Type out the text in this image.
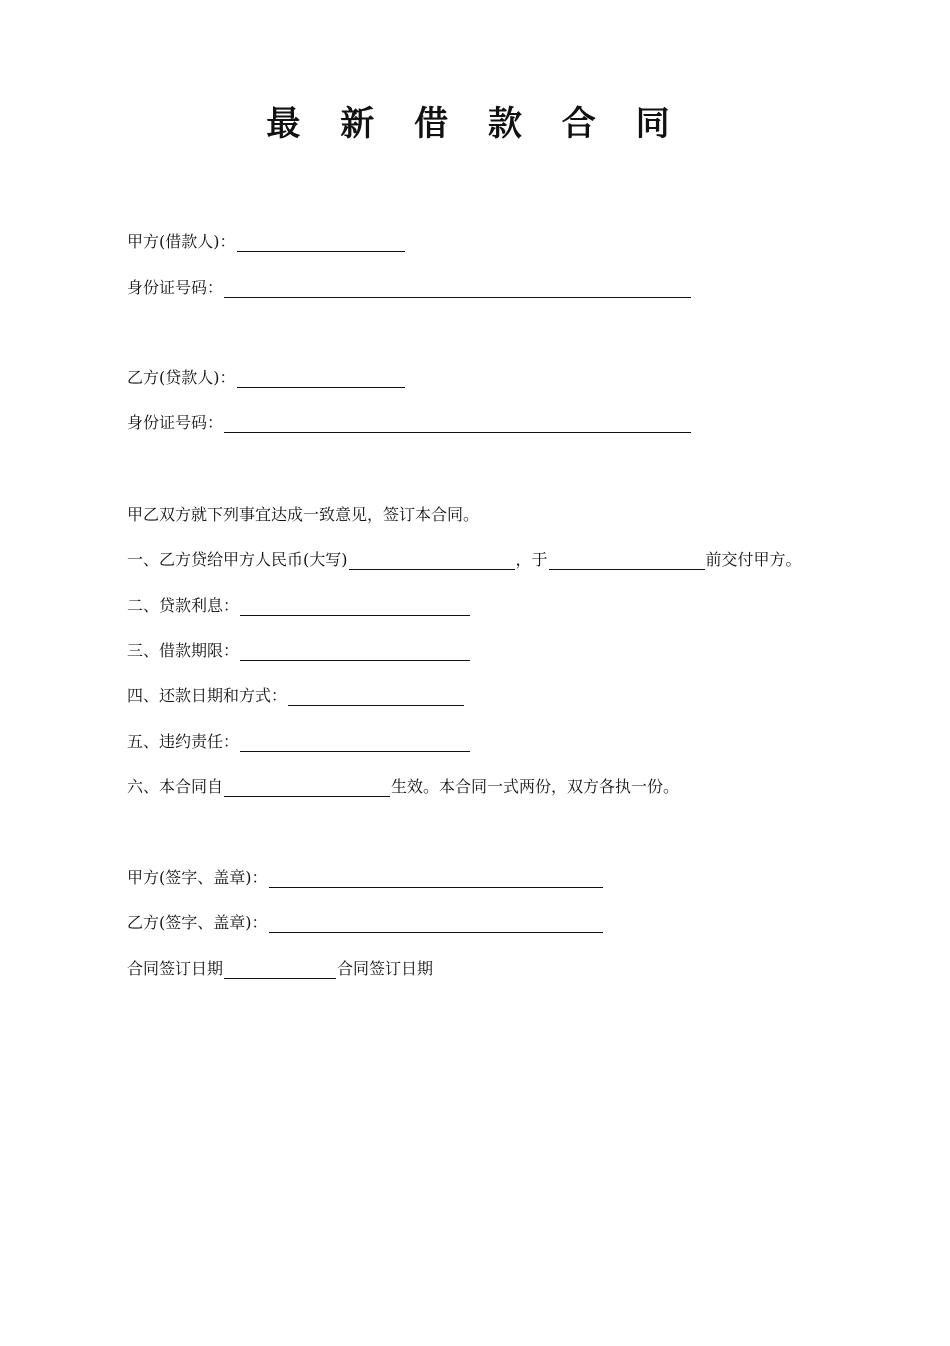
最 新 借 款 合 同
甲方(借款人)：
身份证号码：
乙方(贷款人)：
身份证号码：
甲乙双方就下列事宜达成一致意见，签订本合同。
一、乙方贷给甲方人民币(大写)	，于	前交付甲方。
二、贷款利息：
三、借款期限：
四、还款日期和方式：
五、违约责任：
六、本合同自	生效。本合同一式两份，双方各执一份。
甲方(签字、盖章)：
乙方(签字、盖章)：
合同签订日期	合同签订日期
